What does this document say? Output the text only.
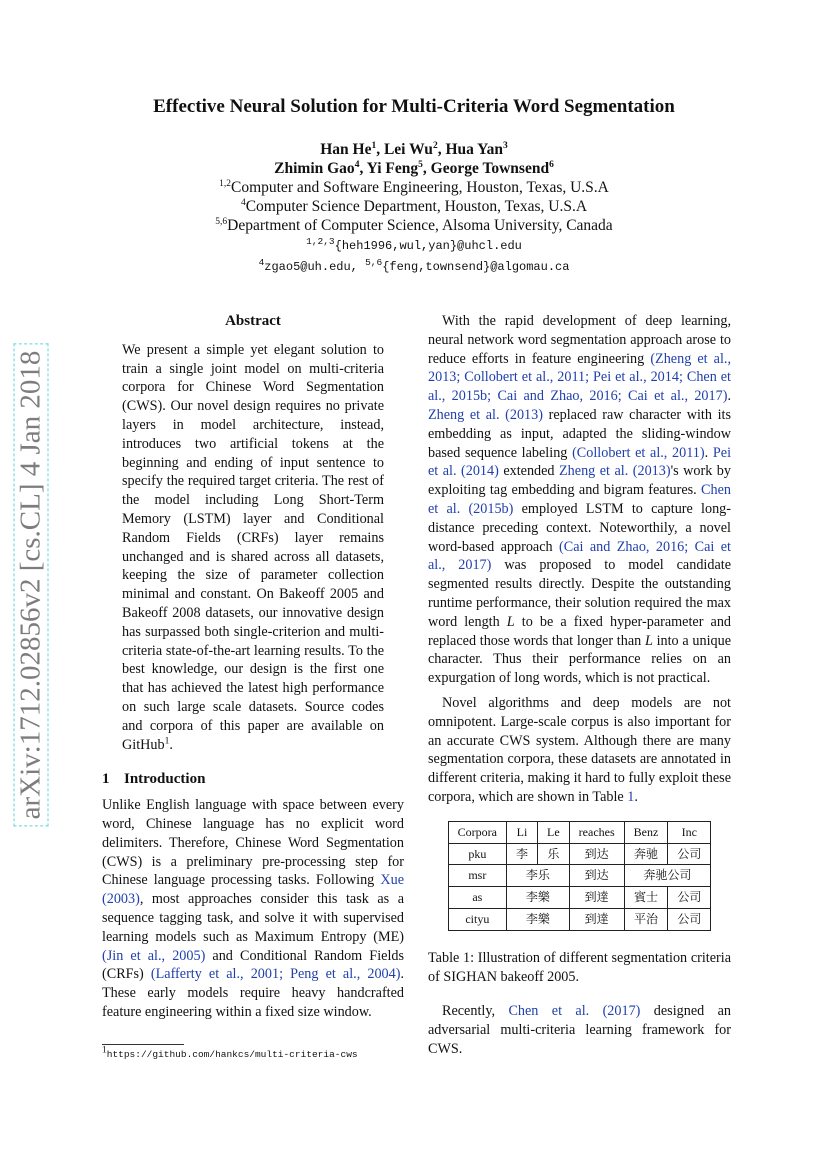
Effective Neural Solution for Multi-Criteria Word Segmentation
Han He$^1$, Lei Wu$^2$, Hua Yan$^3$
Zhimin Gao$^4$, Yi Feng$^5$, George Townsend$^6$
$^{1,2}$Computer and Software Engineering, Houston, Texas, U.S.A
$^4$Computer Science Department, Houston, Texas, U.S.A
$^{5,6}$Department of Computer Science, Alsoma University, Canada
$^{1,2,3}${heh1996,wul,yan}@uhcl.edu
$^4$zgao5@uh.edu, $^{5,6}${feng,townsend}@algomau.ca
arXiv:1712.02856v2 [cs.CL] 4 Jan 2018
Abstract
We present a simple yet elegant solution to train a single joint model on multi-criteria corpora for Chinese Word Segmentation (CWS). Our novel design requires no private layers in model architecture, instead, introduces two artificial tokens at the beginning and ending of input sentence to specify the required target criteria. The rest of the model including Long Short-Term Memory (LSTM) layer and Conditional Random Fields (CRFs) layer remains unchanged and is shared across all datasets, keeping the size of parameter collection minimal and constant. On Bakeoff 2005 and Bakeoff 2008 datasets, our innovative design has surpassed both single-criterion and multi-criteria state-of-the-art learning results. To the best knowledge, our design is the first one that has achieved the latest high performance on such large scale datasets. Source codes and corpora of this paper are available on GitHub$^1$.
1 Introduction

Unlike English language with space between every word, Chinese language has no explicit word delimiters. Therefore, Chinese Word Segmentation (CWS) is a preliminary pre-processing step for Chinese language processing tasks. Following Xue (2003), most approaches consider this task as a sequence tagging task, and solve it with supervised learning models such as Maximum Entropy (ME) (Jin et al., 2005) and Conditional Random Fields (CRFs) (Lafferty et al., 2001; Peng et al., 2004). These early models require heavy handcrafted feature engineering within a fixed size window.

$^1$https://github.com/hankcs/multi-criteria-cws

With the rapid development of deep learning, neural network word segmentation approach arose to reduce efforts in feature engineering (Zheng et al., 2013; Collobert et al., 2011; Pei et al., 2014; Chen et al., 2015b; Cai and Zhao, 2016; Cai et al., 2017). Zheng et al. (2013) replaced raw character with its embedding as input, adapted the sliding-window based sequence labeling (Collobert et al., 2011). Pei et al. (2014) extended Zheng et al. (2013)'s work by exploiting tag embedding and bigram features. Chen et al. (2015b) employed LSTM to capture long-distance preceding context. Noteworthily, a novel word-based approach (Cai and Zhao, 2016; Cai et al., 2017) was proposed to model candidate segmented results directly. Despite the outstanding runtime performance, their solution required the max word length L to be a fixed hyper-parameter and replaced those words that longer than L into a unique character. Thus their performance relies on an expurgation of long words, which is not practical.

Novel algorithms and deep models are not omnipotent. Large-scale corpus is also important for an accurate CWS system. Although there are many segmentation corpora, these datasets are annotated in different criteria, making it hard to fully exploit these corpora, which are shown in Table 1.

Corpora	Li	Le	reaches	Benz	Inc
pku	李	乐	到达	奔驰	公司
msr	李乐		到达	奔驰公司	
as	李樂		到達	賓士	公司
cityu	李樂		到達	平治	公司

Table 1: Illustration of different segmentation criteria of SIGHAN bakeoff 2005.

Recently, Chen et al. (2017) designed an adversarial multi-criteria learning framework for CWS.
